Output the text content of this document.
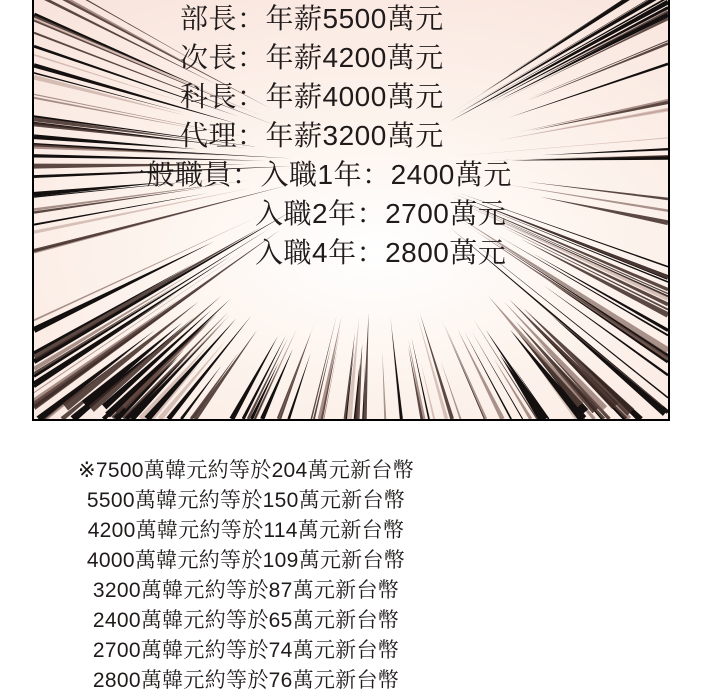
部長：年薪5500萬元
次長：年薪4200萬元
科長：年薪4000萬元
代理：年薪3200萬元
一般職員：入職1年：2400萬元
入職2年：2700萬元
入職4年：2800萬元
※7500萬韓元約等於204萬元新台幣
5500萬韓元約等於150萬元新台幣
4200萬韓元約等於114萬元新台幣
4000萬韓元約等於109萬元新台幣
3200萬韓元約等於87萬元新台幣
2400萬韓元約等於65萬元新台幣
2700萬韓元約等於74萬元新台幣
2800萬韓元約等於76萬元新台幣
